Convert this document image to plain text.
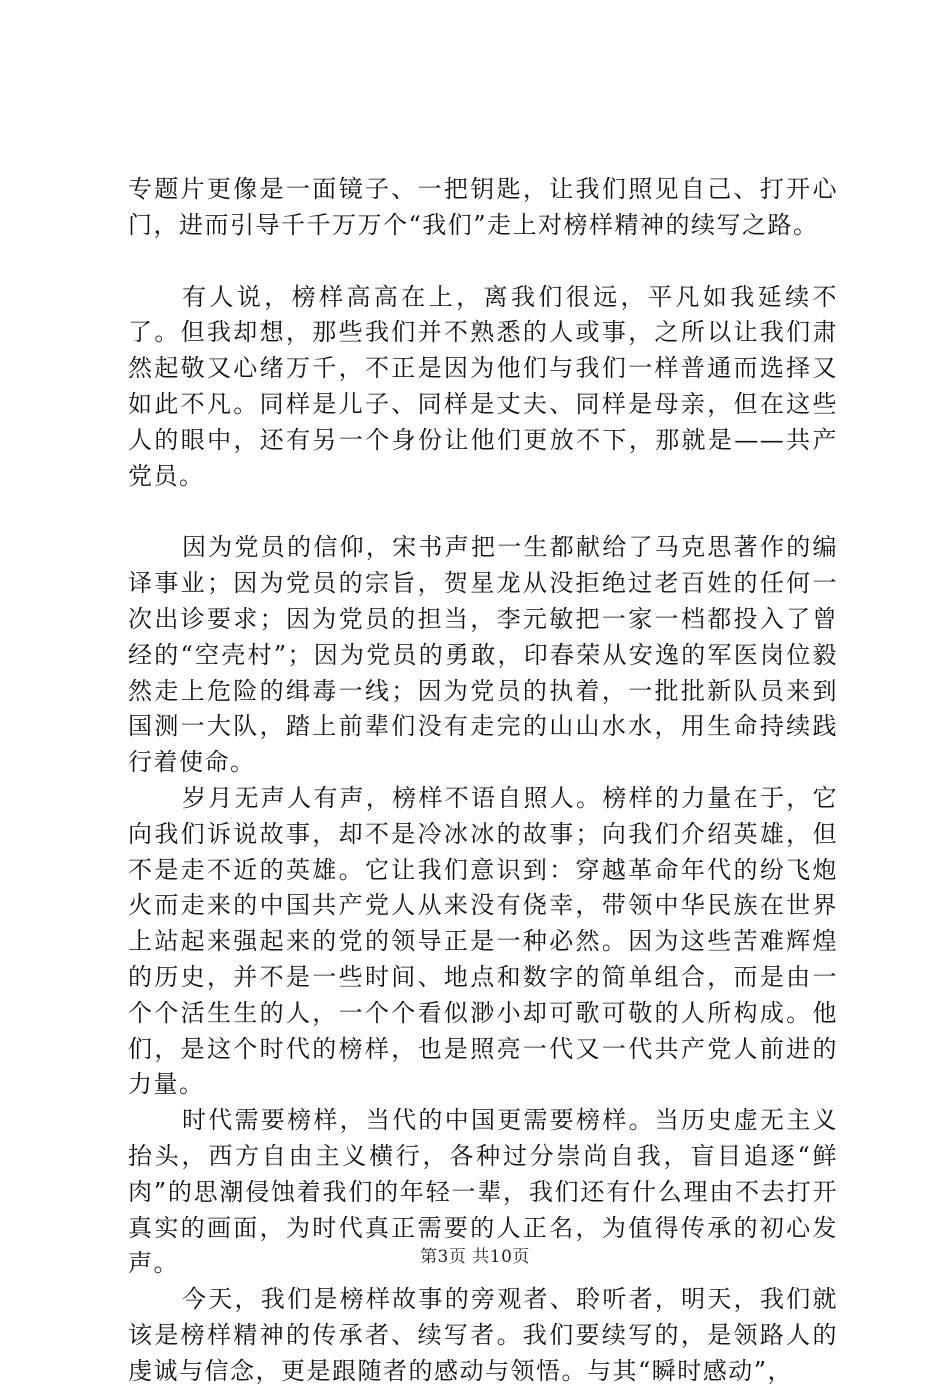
专题片更像是一面镜子、一把钥匙，让我们照见自己、打开心门，进而引导千千万万个“我们”走上对榜样精神的续写之路。

有人说，榜样高高在上，离我们很远，平凡如我延续不了。但我却想，那些我们并不熟悉的人或事，之所以让我们肃然起敬又心绪万千，不正是因为他们与我们一样普通而选择又如此不凡。同样是儿子、同样是丈夫、同样是母亲，但在这些人的眼中，还有另一个身份让他们更放不下，那就是——共产党员。

因为党员的信仰，宋书声把一生都献给了马克思著作的编译事业；因为党员的宗旨，贺星龙从没拒绝过老百姓的任何一次出诊要求；因为党员的担当，李元敏把一家一档都投入了曾经的“空壳村”；因为党员的勇敢，印春荣从安逸的军医岗位毅然走上危险的缉毒一线；因为党员的执着，一批批新队员来到国测一大队，踏上前辈们没有走完的山山水水，用生命持续践行着使命。

岁月无声人有声，榜样不语自照人。榜样的力量在于，它向我们诉说故事，却不是冷冰冰的故事；向我们介绍英雄，但不是走不近的英雄。它让我们意识到：穿越革命年代的纷飞炮火而走来的中国共产党人从来没有侥幸，带领中华民族在世界上站起来强起来的党的领导正是一种必然。因为这些苦难辉煌的历史，并不是一些时间、地点和数字的简单组合，而是由一个个活生生的人，一个个看似渺小却可歌可敬的人所构成。他们，是这个时代的榜样，也是照亮一代又一代共产党人前进的力量。

时代需要榜样，当代的中国更需要榜样。当历史虚无主义抬头，西方自由主义横行，各种过分崇尚自我，盲目追逐“鲜肉”的思潮侵蚀着我们的年轻一辈，我们还有什么理由不去打开真实的画面，为时代真正需要的人正名，为值得传承的初心发声。

今天，我们是榜样故事的旁观者、聆听者，明天，我们就该是榜样精神的传承者、续写者。我们要续写的，是领路人的虔诚与信念，更是跟随者的感动与领悟。与其“瞬时感动”，

第3页 共10页
